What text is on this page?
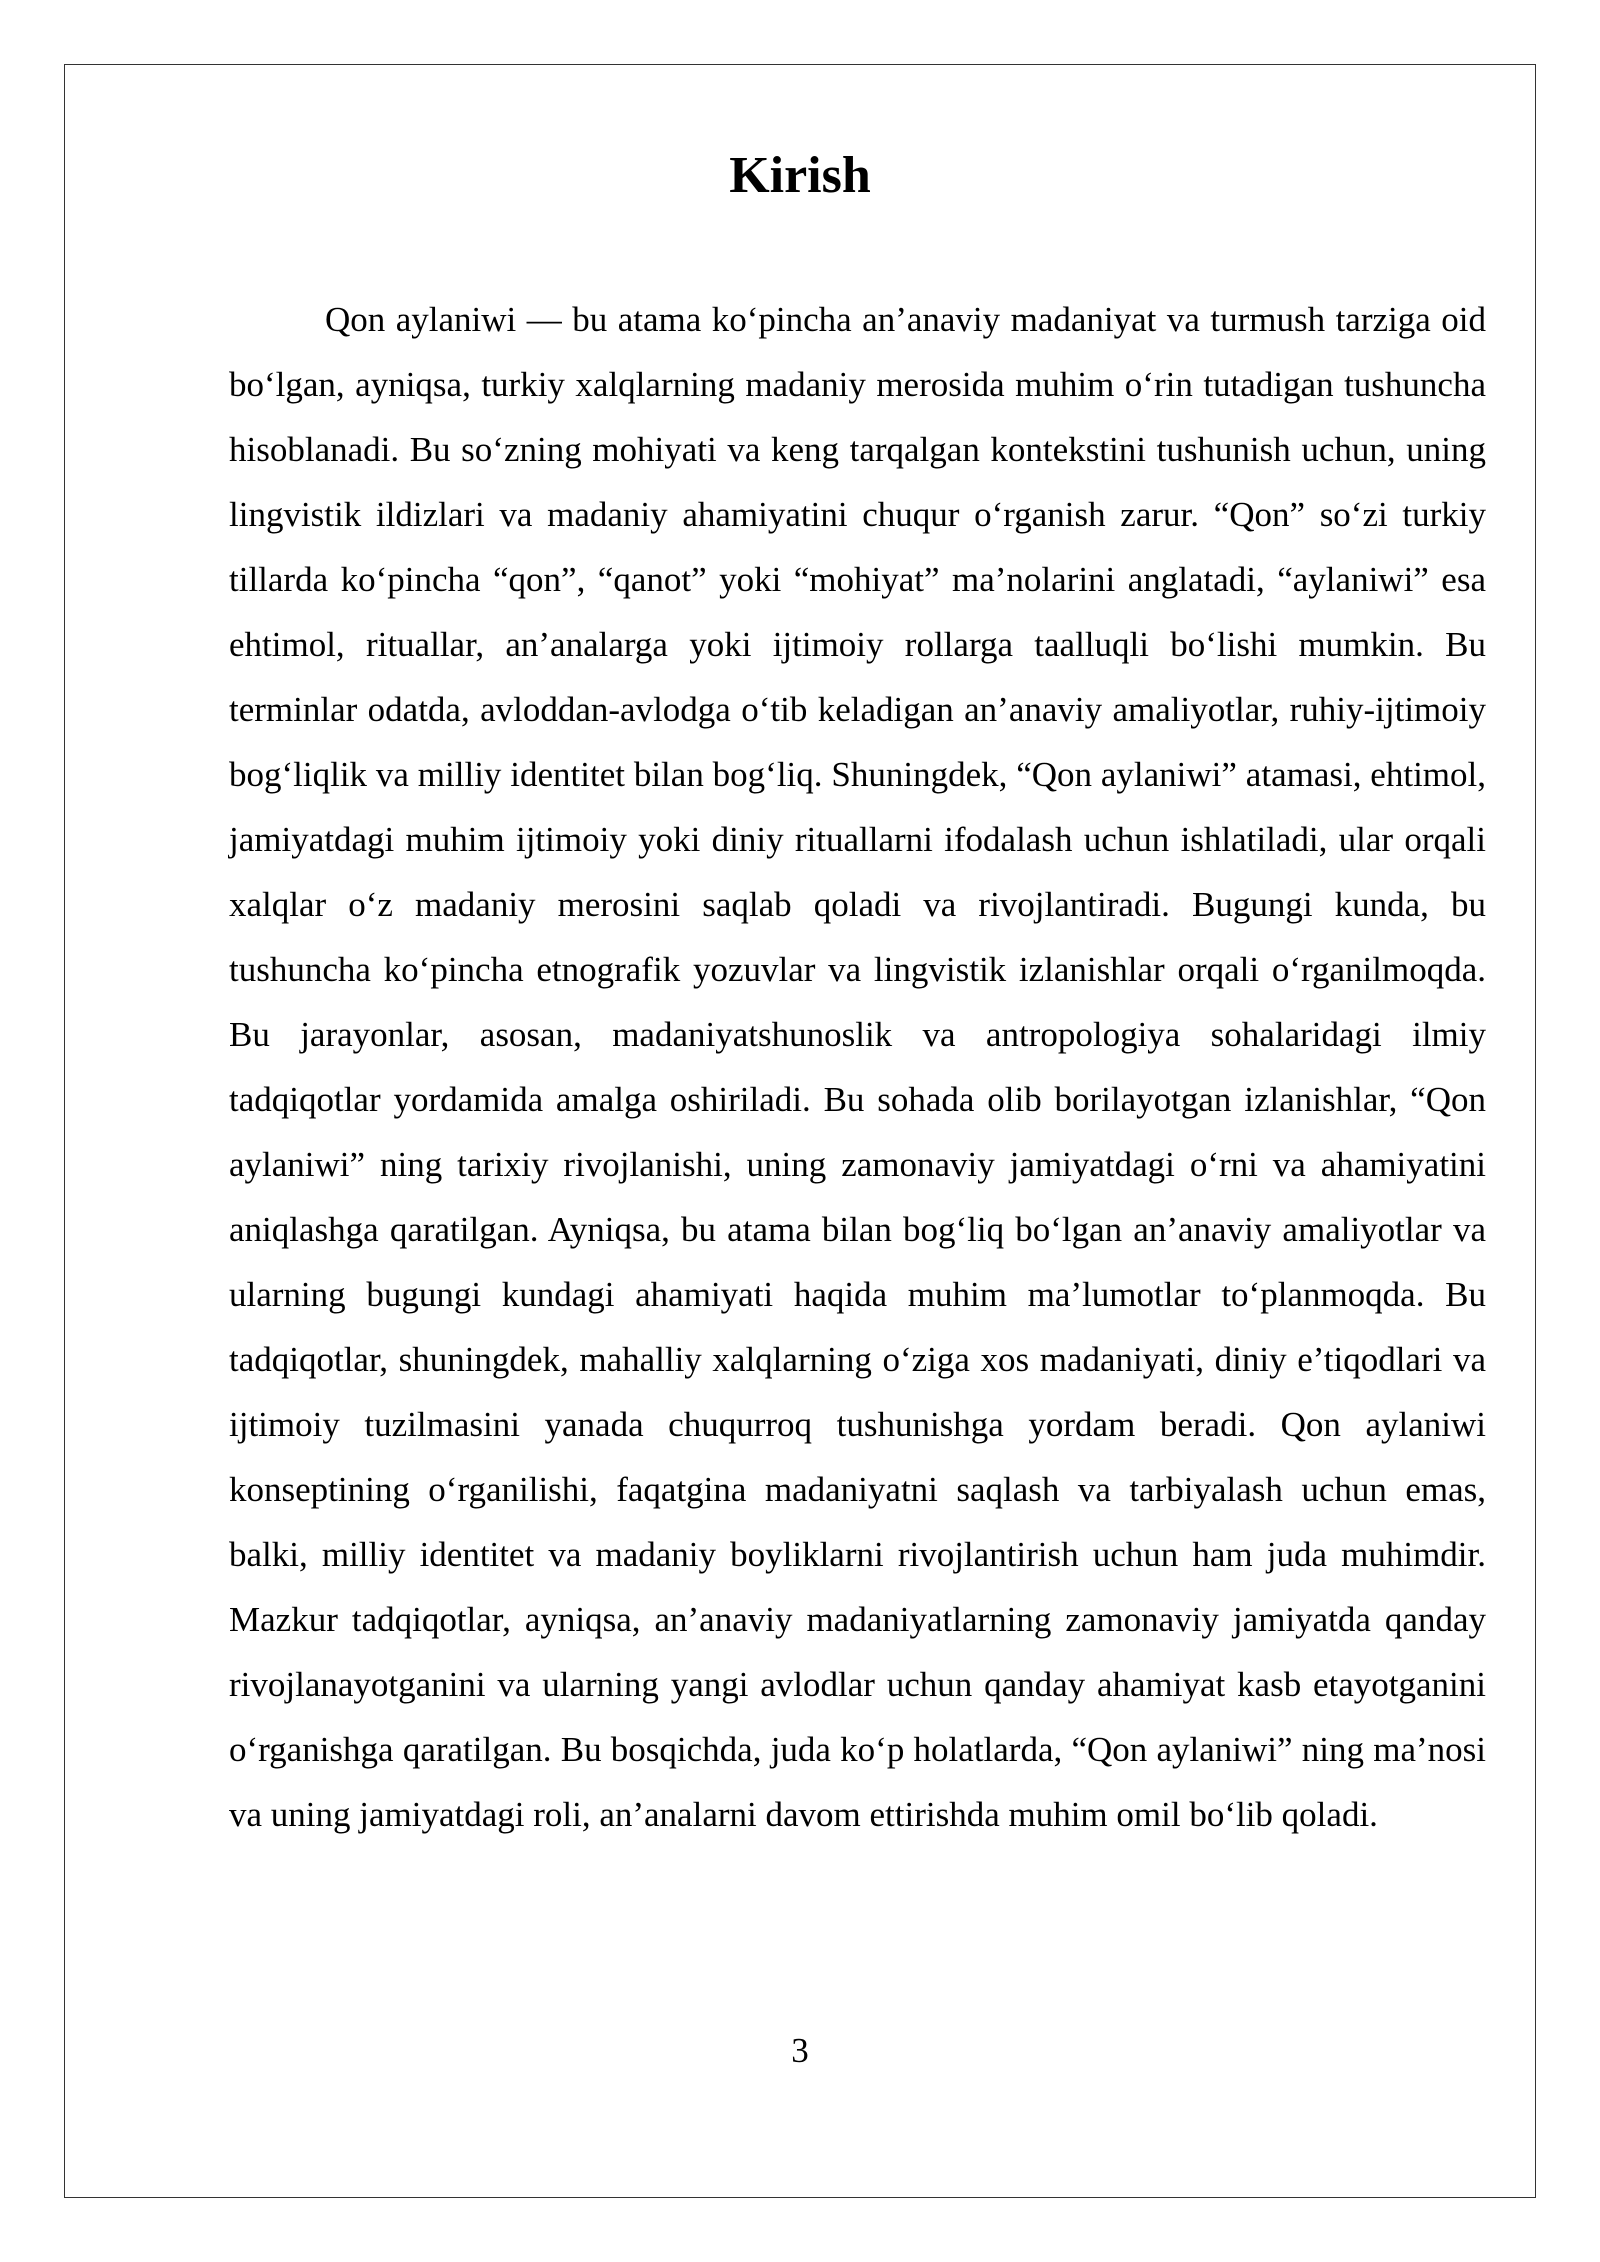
Kirish

Qon aylaniwi — bu atama ko‘pincha an’anaviy madaniyat va turmush tarziga oid bo‘lgan, ayniqsa, turkiy xalqlarning madaniy merosida muhim o‘rin tutadigan tushuncha hisoblanadi. Bu so‘zning mohiyati va keng tarqalgan kontekstini tushunish uchun, uning lingvistik ildizlari va madaniy ahamiyatini chuqur o‘rganish zarur. “Qon” so‘zi turkiy tillarda ko‘pincha “qon”, “qanot” yoki “mohiyat” ma’nolarini anglatadi, “aylaniwi” esa ehtimol, rituallar, an’analarga yoki ijtimoiy rollarga taalluqli bo‘lishi mumkin. Bu terminlar odatda, avloddan-avlodga o‘tib keladigan an’anaviy amaliyotlar, ruhiy-ijtimoiy bog‘liqlik va milliy identitet bilan bog‘liq. Shuningdek, “Qon aylaniwi” atamasi, ehtimol, jamiyatdagi muhim ijtimoiy yoki diniy rituallarni ifodalash uchun ishlatiladi, ular orqali xalqlar o‘z madaniy merosini saqlab qoladi va rivojlantiradi. Bugungi kunda, bu tushuncha ko‘pincha etnografik yozuvlar va lingvistik izlanishlar orqali o‘rganilmoqda. Bu jarayonlar, asosan, madaniyatshunoslik va antropologiya sohalaridagi ilmiy tadqiqotlar yordamida amalga oshiriladi. Bu sohada olib borilayotgan izlanishlar, “Qon aylaniwi” ning tarixiy rivojlanishi, uning zamonaviy jamiyatdagi o‘rni va ahamiyatini aniqlashga qaratilgan. Ayniqsa, bu atama bilan bog‘liq bo‘lgan an’anaviy amaliyotlar va ularning bugungi kundagi ahamiyati haqida muhim ma’lumotlar to‘planmoqda. Bu tadqiqotlar, shuningdek, mahalliy xalqlarning o‘ziga xos madaniyati, diniy e’tiqodlari va ijtimoiy tuzilmasini yanada chuqurroq tushunishga yordam beradi. Qon aylaniwi konseptining o‘rganilishi, faqatgina madaniyatni saqlash va tarbiyalash uchun emas, balki, milliy identitet va madaniy boyliklarni rivojlantirish uchun ham juda muhimdir. Mazkur tadqiqotlar, ayniqsa, an’anaviy madaniyatlarning zamonaviy jamiyatda qanday rivojlanayotganini va ularning yangi avlodlar uchun qanday ahamiyat kasb etayotganini o‘rganishga qaratilgan. Bu bosqichda, juda ko‘p holatlarda, “Qon aylaniwi” ning ma’nosi va uning jamiyatdagi roli, an’analarni davom ettirishda muhim omil bo‘lib qoladi.

3
